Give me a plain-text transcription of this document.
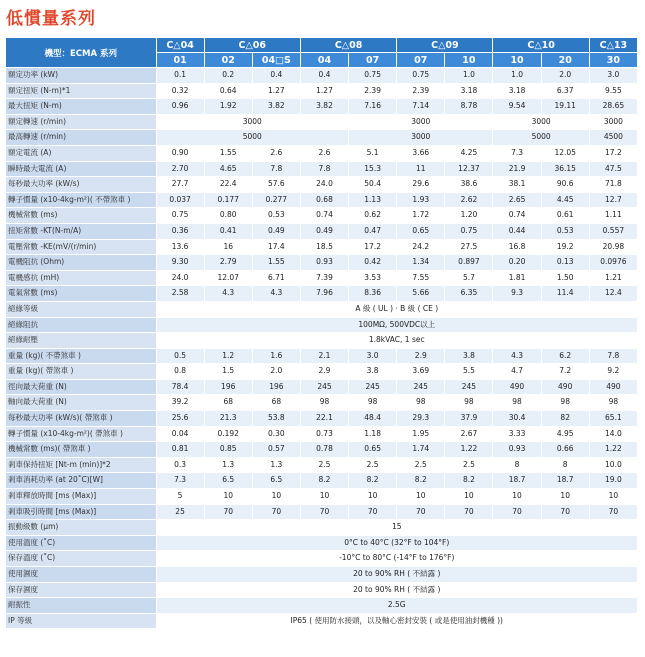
低慣量系列
機型：ECMA 系列	C△04	C△06		C△08		C△09		C△10		C△13
	01	02	04□S	04	07	07	10	10	20	30
額定功率 (kW)	0.1	0.2	0.4	0.4	0.75	0.75	1.0	1.0	2.0	3.0
額定扭矩 (N-m)*1	0.32	0.64	1.27	1.27	2.39	2.39	3.18	3.18	6.37	9.55
最大扭矩 (N-m)	0.96	1.92	3.82	3.82	7.16	7.14	8.78	9.54	19.11	28.65
額定轉速 (r/min)	3000				3000			3000		3000
最高轉速 (r/min)	5000				3000			5000		4500
額定電流 (A)	0.90	1.55	2.6	2.6	5.1	3.66	4.25	7.3	12.05	17.2
瞬時最大電流 (A)	2.70	4.65	7.8	7.8	15.3	11	12.37	21.9	36.15	47.5
每秒最大功率 (kW/s)	27.7	22.4	57.6	24.0	50.4	29.6	38.6	38.1	90.6	71.8
轉子慣量 (x10-4kg-m²)( 不帶煞車 )	0.037	0.177	0.277	0.68	1.13	1.93	2.62	2.65	4.45	12.7
機械常數 (ms)	0.75	0.80	0.53	0.74	0.62	1.72	1.20	0.74	0.61	1.11
扭矩常數 -KT(N-m/A)	0.36	0.41	0.49	0.49	0.47	0.65	0.75	0.44	0.53	0.557
電壓常數 -KE(mV/(r/min)	13.6	16	17.4	18.5	17.2	24.2	27.5	16.8	19.2	20.98
電機阻抗 (Ohm)	9.30	2.79	1.55	0.93	0.42	1.34	0.897	0.20	0.13	0.0976
電機感抗 (mH)	24.0	12.07	6.71	7.39	3.53	7.55	5.7	1.81	1.50	1.21
電氣常數 (ms)	2.58	4.3	4.3	7.96	8.36	5.66	6.35	9.3	11.4	12.4
絕緣等級	A 級 ( UL ) · B 級 ( CE )									
絕緣阻抗	100MΩ, 500VDC以上									
絕緣耐壓	1.8kVAC, 1 sec									
重量 (kg)( 不帶煞車 )	0.5	1.2	1.6	2.1	3.0	2.9	3.8	4.3	6.2	7.8
重量 (kg)( 帶煞車 )	0.8	1.5	2.0	2.9	3.8	3.69	5.5	4.7	7.2	9.2
徑向最大荷重 (N)	78.4	196	196	245	245	245	245	490	490	490
軸向最大荷重 (N)	39.2	68	68	98	98	98	98	98	98	98
每秒最大功率 (kW/s)( 帶煞車 )	25.6	21.3	53.8	22.1	48.4	29.3	37.9	30.4	82	65.1
轉子慣量 (x10-4kg-m²)( 帶煞車 )	0.04	0.192	0.30	0.73	1.18	1.95	2.67	3.33	4.95	14.0
機械常數 (ms)( 帶煞車 )	0.81	0.85	0.57	0.78	0.65	1.74	1.22	0.93	0.66	1.22
剎車保持扭矩 [Nt-m (min)]*2	0.3	1.3	1.3	2.5	2.5	2.5	2.5	8	8	10.0
剎車消耗功率 (at 20˚C)[W]	7.3	6.5	6.5	8.2	8.2	8.2	8.2	18.7	18.7	19.0
剎車釋放時間 [ms (Max)]	5	10	10	10	10	10	10	10	10	10
剎車吸引時間 [ms (Max)]	25	70	70	70	70	70	70	70	70	70
振動級數 (μm)	15									
使用溫度 (˚C)	0°C to 40°C (32°F to 104°F)									
保存溫度 (˚C)	-10°C to 80°C (-14°F to 176°F)									
使用濕度	20 to 90% RH ( 不結露 )									
保存濕度	20 to 90% RH ( 不結露 )									
耐振性	2.5G									
IP 等級	IP65 ( 使用防水接頭，以及軸心密封安裝 ( 或是使用油封機種 ))									
